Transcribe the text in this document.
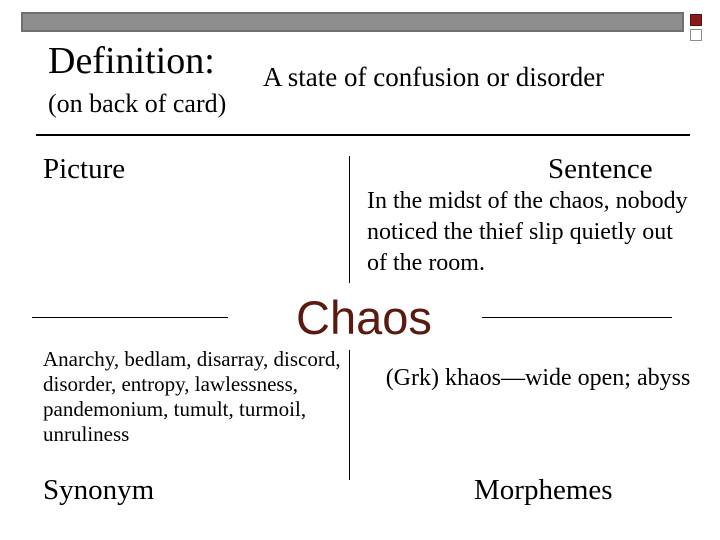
Definition: A state of confusion or disorder
(on back of card)
Picture	Sentence
In the midst of the chaos, nobody noticed the thief slip quietly out of the room.
Chaos
Anarchy, bedlam, disarray, discord, disorder, entropy, lawlessness, pandemonium, tumult, turmoil, unruliness
(Grk) khaos—wide open; abyss
Synonym	Morphemes
